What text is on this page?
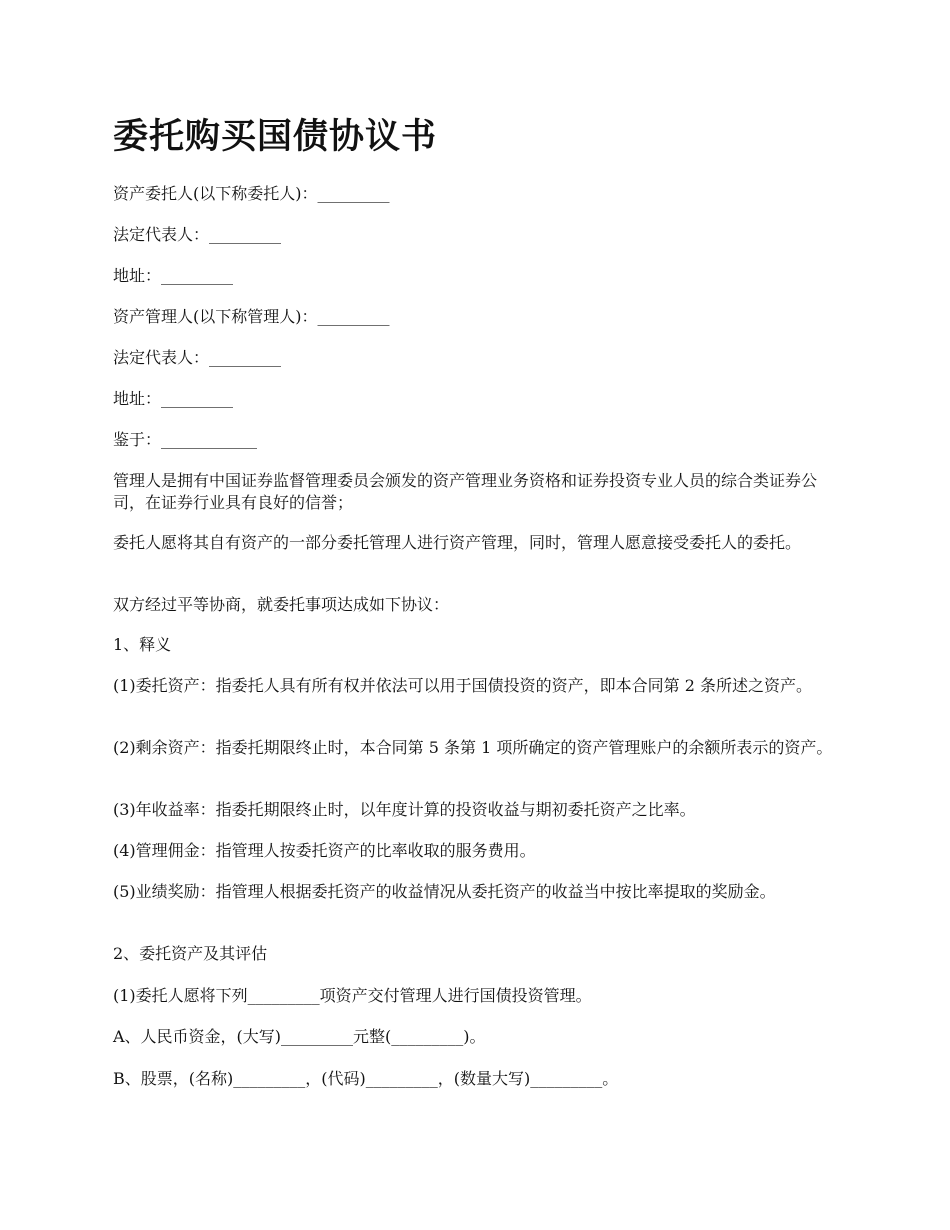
委托购买国债协议书

资产委托人(以下称委托人)：_________

法定代表人：_________

地址：_________

资产管理人(以下称管理人)：_________

法定代表人：_________

地址：_________

鉴于：____________

管理人是拥有中国证券监督管理委员会颁发的资产管理业务资格和证券投资专业人员的综合类证券公司，在证券行业具有良好的信誉；

委托人愿将其自有资产的一部分委托管理人进行资产管理，同时，管理人愿意接受委托人的委托。

双方经过平等协商，就委托事项达成如下协议：

1、释义

(1)委托资产：指委托人具有所有权并依法可以用于国债投资的资产，即本合同第 2 条所述之资产。

(2)剩余资产：指委托期限终止时，本合同第 5 条第 1 项所确定的资产管理账户的余额所表示的资产。

(3)年收益率：指委托期限终止时，以年度计算的投资收益与期初委托资产之比率。

(4)管理佣金：指管理人按委托资产的比率收取的服务费用。

(5)业绩奖励：指管理人根据委托资产的收益情况从委托资产的收益当中按比率提取的奖励金。

2、委托资产及其评估

(1)委托人愿将下列_________项资产交付管理人进行国债投资管理。

A、人民币资金，(大写)_________元整(_________)。

B、股票，(名称)_________，(代码)_________，(数量大写)_________。
